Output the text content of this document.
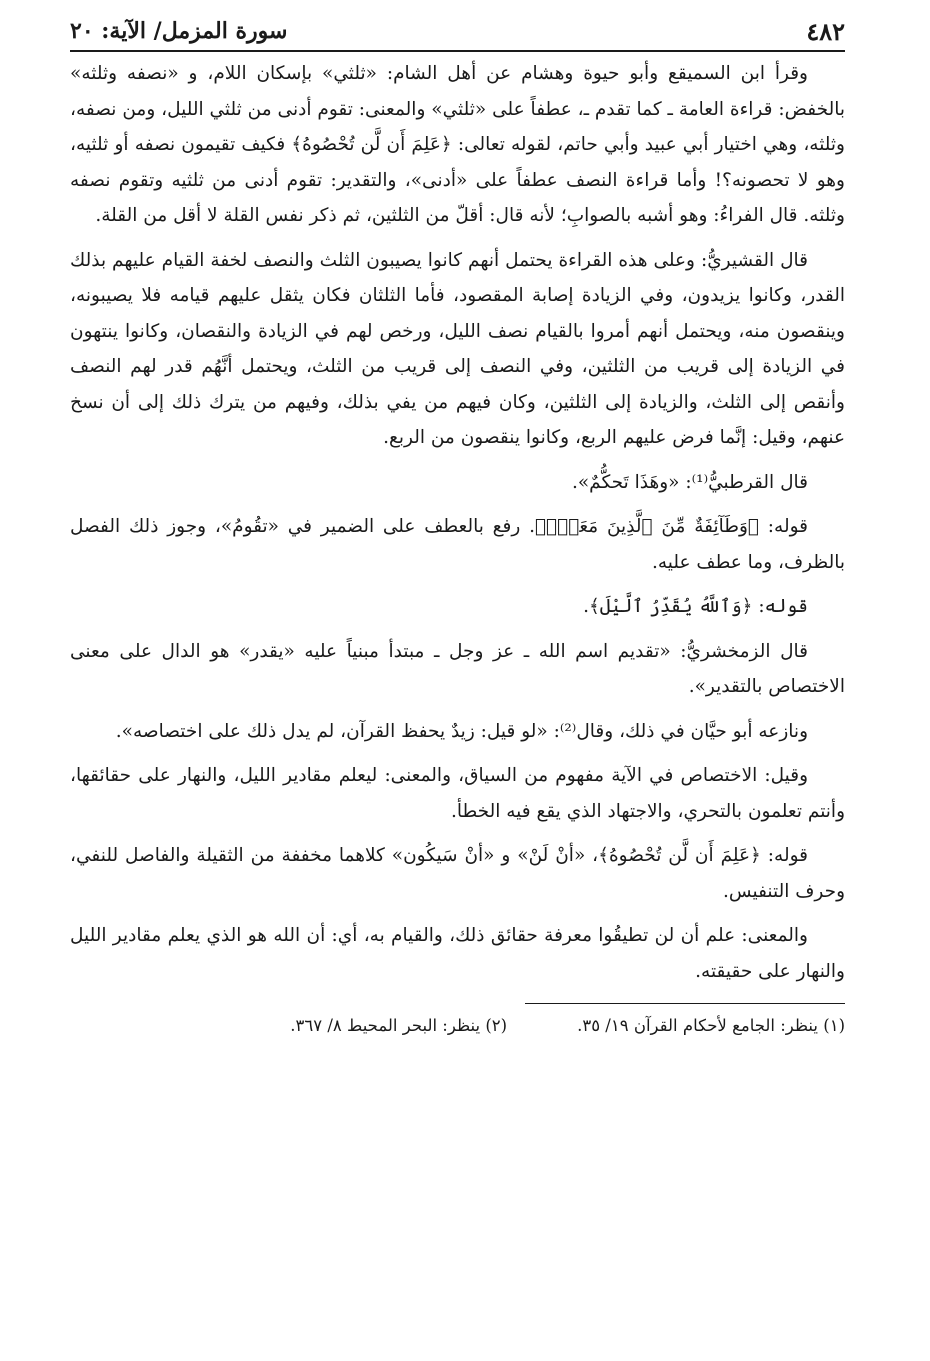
٤٨٢
سورة المزمل/ الآية: ٢٠

وقرأ ابن السميقع وأبو حيوة وهشام عن أهل الشام: «ثلثي» بإسكان اللام، و «نصفه وثلثه» بالخفض: قراءة العامة ـ كما تقدم ـ، عطفاً على «ثلثي» والمعنى: تقوم أدنى من ثلثي الليل، ومن نصفه، وثلثه، وهي اختيار أبي عبيد وأبي حاتم، لقوله تعالى: ﴿عَلِمَ أَن لَّن تُحْصُوهُ﴾ فكيف تقيمون نصفه أو ثلثيه، وهو لا تحصونه؟! وأما قراءة النصف عطفاً على «أدنى»، والتقدير: تقوم أدنى من ثلثيه وتقوم نصفه وثلثه. قال الفراءُ: وهو أشبه بالصوابِ؛ لأنه قال: أقلّ من الثلثين، ثم ذكر نفس القلة لا أقل من القلة.

قال القشيريُّ: وعلى هذه القراءة يحتمل أنهم كانوا يصيبون الثلث والنصف لخفة القيام عليهم بذلك القدر، وكانوا يزيدون، وفي الزيادة إصابة المقصود، فأما الثلثان فكان يثقل عليهم قيامه فلا يصيبونه، وينقصون منه، ويحتمل أنهم أمروا بالقيام نصف الليل، ورخص لهم في الزيادة والنقصان، وكانوا ينتهون في الزيادة إلى قريب من الثلثين، وفي النصف إلى قريب من الثلث، ويحتمل أنَّهُم قدر لهم النصف وأنقص إلى الثلث، والزيادة إلى الثلثين، وكان فيهم من يفي بذلك، وفيهم من يترك ذلك إلى أن نسخ عنهم، وقيل: إنَّما فرض عليهم الربع، وكانوا ينقصون من الربع.

قال القرطبيُّ⁽¹⁾: «وهَذَا تَحكُّمٌ».

قوله: ﴿وَطَآئِفَةٌ مِّنَ ٱلَّذِينَ مَعَكَۚ﴾. رفع بالعطف على الضمير في «تقُومُ»، وجوز ذلك الفصل بالظرف، وما عطف عليه.

قوله: ﴿وَٱللَّهُ يُقَدِّرُ ٱلَّيْلَ﴾.

قال الزمخشريُّ: «تقديم اسم الله ـ عز وجل ـ مبتدأ مبنياً عليه «يقدر» هو الدال على معنى الاختصاص بالتقدير».

ونازعه أبو حيَّان في ذلك، وقال⁽²⁾: «لو قيل: زيدٌ يحفظ القرآن، لم يدل ذلك على اختصاصه».

وقيل: الاختصاص في الآية مفهوم من السياق، والمعنى: ليعلم مقادير الليل، والنهار على حقائقها، وأنتم تعلمون بالتحري، والاجتهاد الذي يقع فيه الخطأ.

قوله: ﴿عَلِمَ أَن لَّن تُحْصُوهُ﴾، «أنْ لَنْ» و «أنْ سَيكُون» كلاهما مخففة من الثقيلة والفاصل للنفي، وحرف التنفيس.

والمعنى: علم أن لن تطيقُوا معرفة حقائق ذلك، والقيام به، أي: أن الله هو الذي يعلم مقادير الليل والنهار على حقيقته.

(١) ينظر: الجامع لأحكام القرآن ١٩/ ٣٥.
(٢) ينظر: البحر المحيط ٨/ ٣٦٧.
